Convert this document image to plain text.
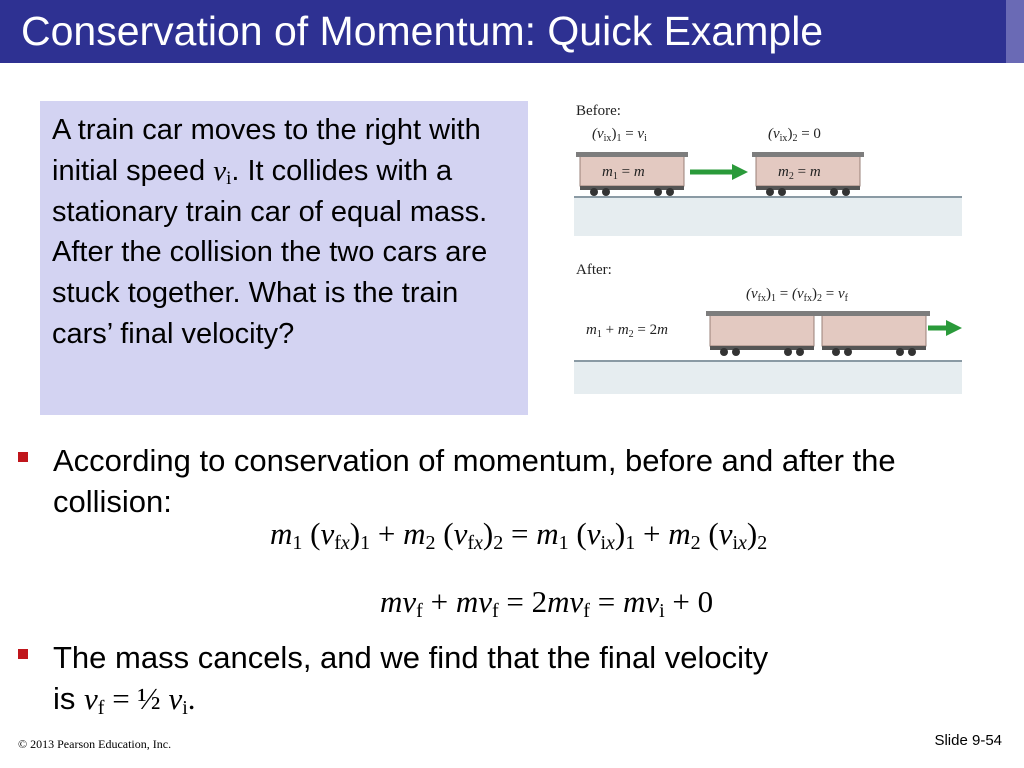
Conservation of Momentum: Quick Example
A train car moves to the right with initial speed $v_i$. It collides with a stationary train car of equal mass. After the collision the two cars are stuck together. What is the train cars’ final velocity?
Before:
$(v_{ix})_1 = v_i$	$(v_{ix})_2 = 0$
$m_1 = m$	$m_2 = m$
After:
$(v_{fx})_1 = (v_{fx})_2 = v_f$
$m_1 + m_2 = 2m$
According to conservation of momentum, before and after the collision:
$m_1$ $(v_{fx})_1 + m_2$ $(v_{fx})_2 = m_1$ $(v_{ix})_1 + m_2$ $(v_{ix})_2$
$mv_f + mv_f = 2mv_f = mv_i + 0$
The mass cancels, and we find that the final velocity
is $v_f$ = ½ $v_i$.
© 2013 Pearson Education, Inc.	Slide 9-54
